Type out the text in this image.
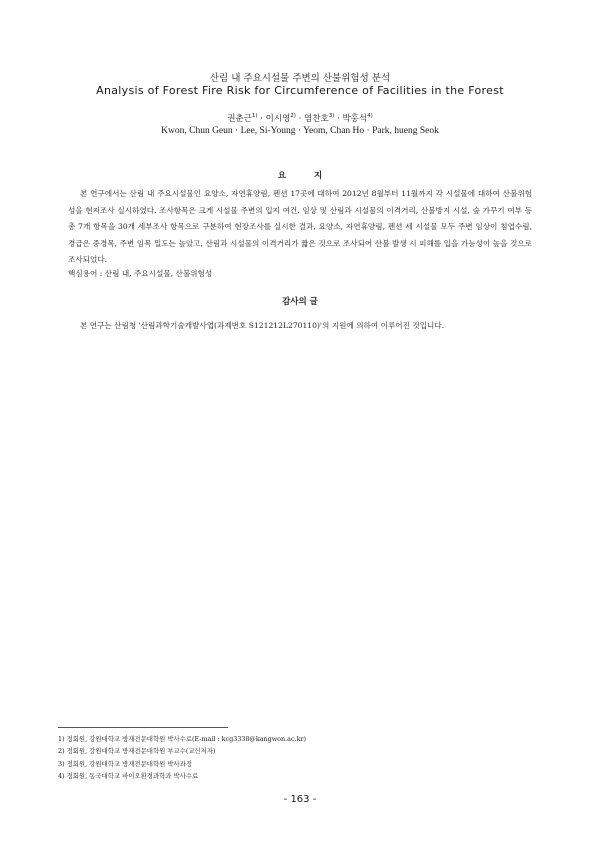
산림 내 주요시설물 주변의 산불위험성 분석
Analysis of Forest Fire Risk for Circumference of Facilities in the Forest
권춘근$^{1)}$ · 이시영$^{2)}$ · 염찬호$^{3)}$ · 박홍석$^{4)}$
Kwon, Chun Geun · Lee, Si-Young · Yeom, Chan Ho · Park, hueng Seok
요지

본 연구에서는 산림 내 주요시설물인 요양소, 자연휴양림, 펜션 17곳에 대하여 2012년 8월부터 11월까지 각 시설물에 대하여 산불위험성을 현지조사 실시하였다. 조사항목은 크게 시설물 주변의 입지 여건, 임상 및 산림과 시설물의 이격거리, 산불방지 시설, 숲 가꾸기 여부 등 총 7개 항목을 30개 세부조사 항목으로 구분하여 현장조사를 실시한 결과, 요양소, 자연휴양림, 펜션 세 시설물 모두 주변 임상이 침엽수림, 경급은 중경목, 주변 임목 밀도는 높았고, 산림과 시설물의 이격거리가 짧은 것으로 조사되어 산불 발생 시 피해를 입을 가능성이 높을 것으로 조사되었다.

핵심용어 : 산림 내, 주요시설물, 산불위험성

감사의 글

본 연구는 산림청 '산림과학기술개발사업(과제번호 S121212L270110)'의 지원에 의하여 이루어진 것입니다.

1) 정회원, 강원대학교 방재전문대학원 박사수료(E-mail : kcg3338@kangwon.ac.kr)
2) 정회원, 강원대학교 방재전문대학원 부교수(교신저자)
3) 정회원, 강원대학교 방재전문대학원 박사과정
4) 정회원, 동국대학교 바이오환경과학과 박사수료
- 163 -
